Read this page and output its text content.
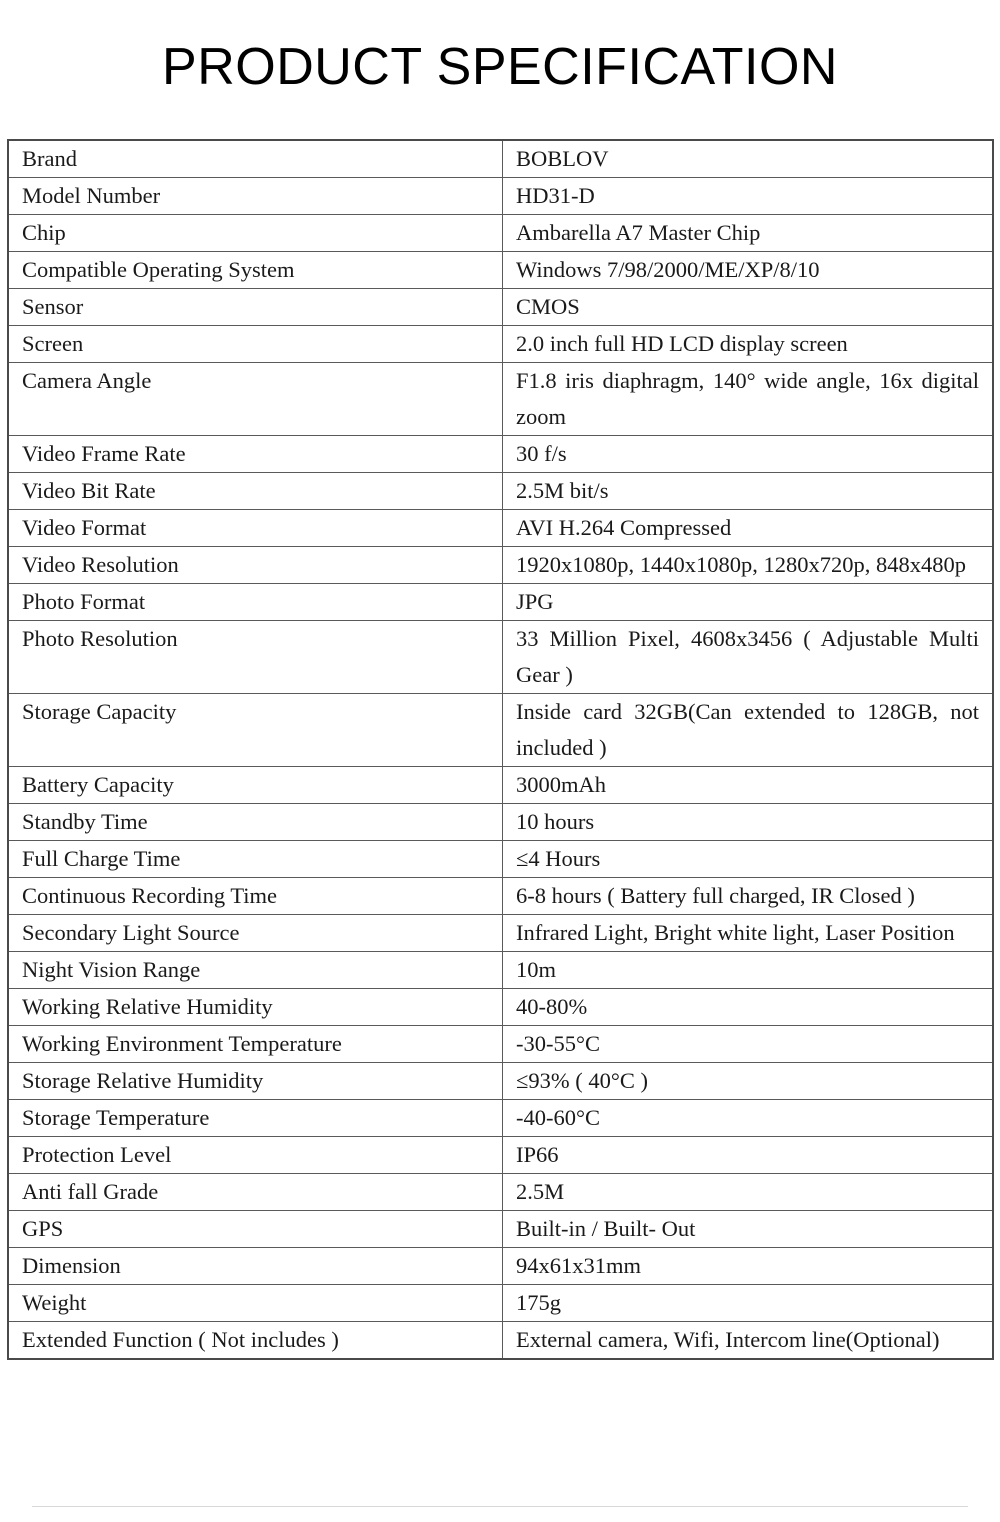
PRODUCT SPECIFICATION
Brand	BOBLOV
Model Number	HD31-D
Chip	Ambarella A7 Master Chip
Compatible Operating System	Windows 7/98/2000/ME/XP/8/10
Sensor	CMOS
Screen	2.0 inch full HD LCD display screen
Camera Angle	F1.8 iris diaphragm, 140° wide angle, 16x digital zoom
Video Frame Rate	30 f/s
Video Bit Rate	2.5M bit/s
Video Format	AVI H.264 Compressed
Video Resolution	1920x1080p, 1440x1080p, 1280x720p, 848x480p
Photo Format	JPG
Photo Resolution	33 Million Pixel, 4608x3456 ( Adjustable Multi Gear )
Storage Capacity	Inside card 32GB(Can extended to 128GB, not included )
Battery Capacity	3000mAh
Standby Time	10 hours
Full Charge Time	≤4 Hours
Continuous Recording Time	6-8 hours ( Battery full charged, IR Closed )
Secondary Light Source	Infrared Light, Bright white light, Laser Position
Night Vision Range	10m
Working Relative Humidity	40-80%
Working Environment Temperature	-30-55°C
Storage Relative Humidity	≤93% ( 40°C )
Storage Temperature	-40-60°C
Protection Level	IP66
Anti fall Grade	2.5M
GPS	Built-in / Built- Out
Dimension	94x61x31mm
Weight	175g
Extended Function ( Not includes )	External camera, Wifi, Intercom line(Optional)
